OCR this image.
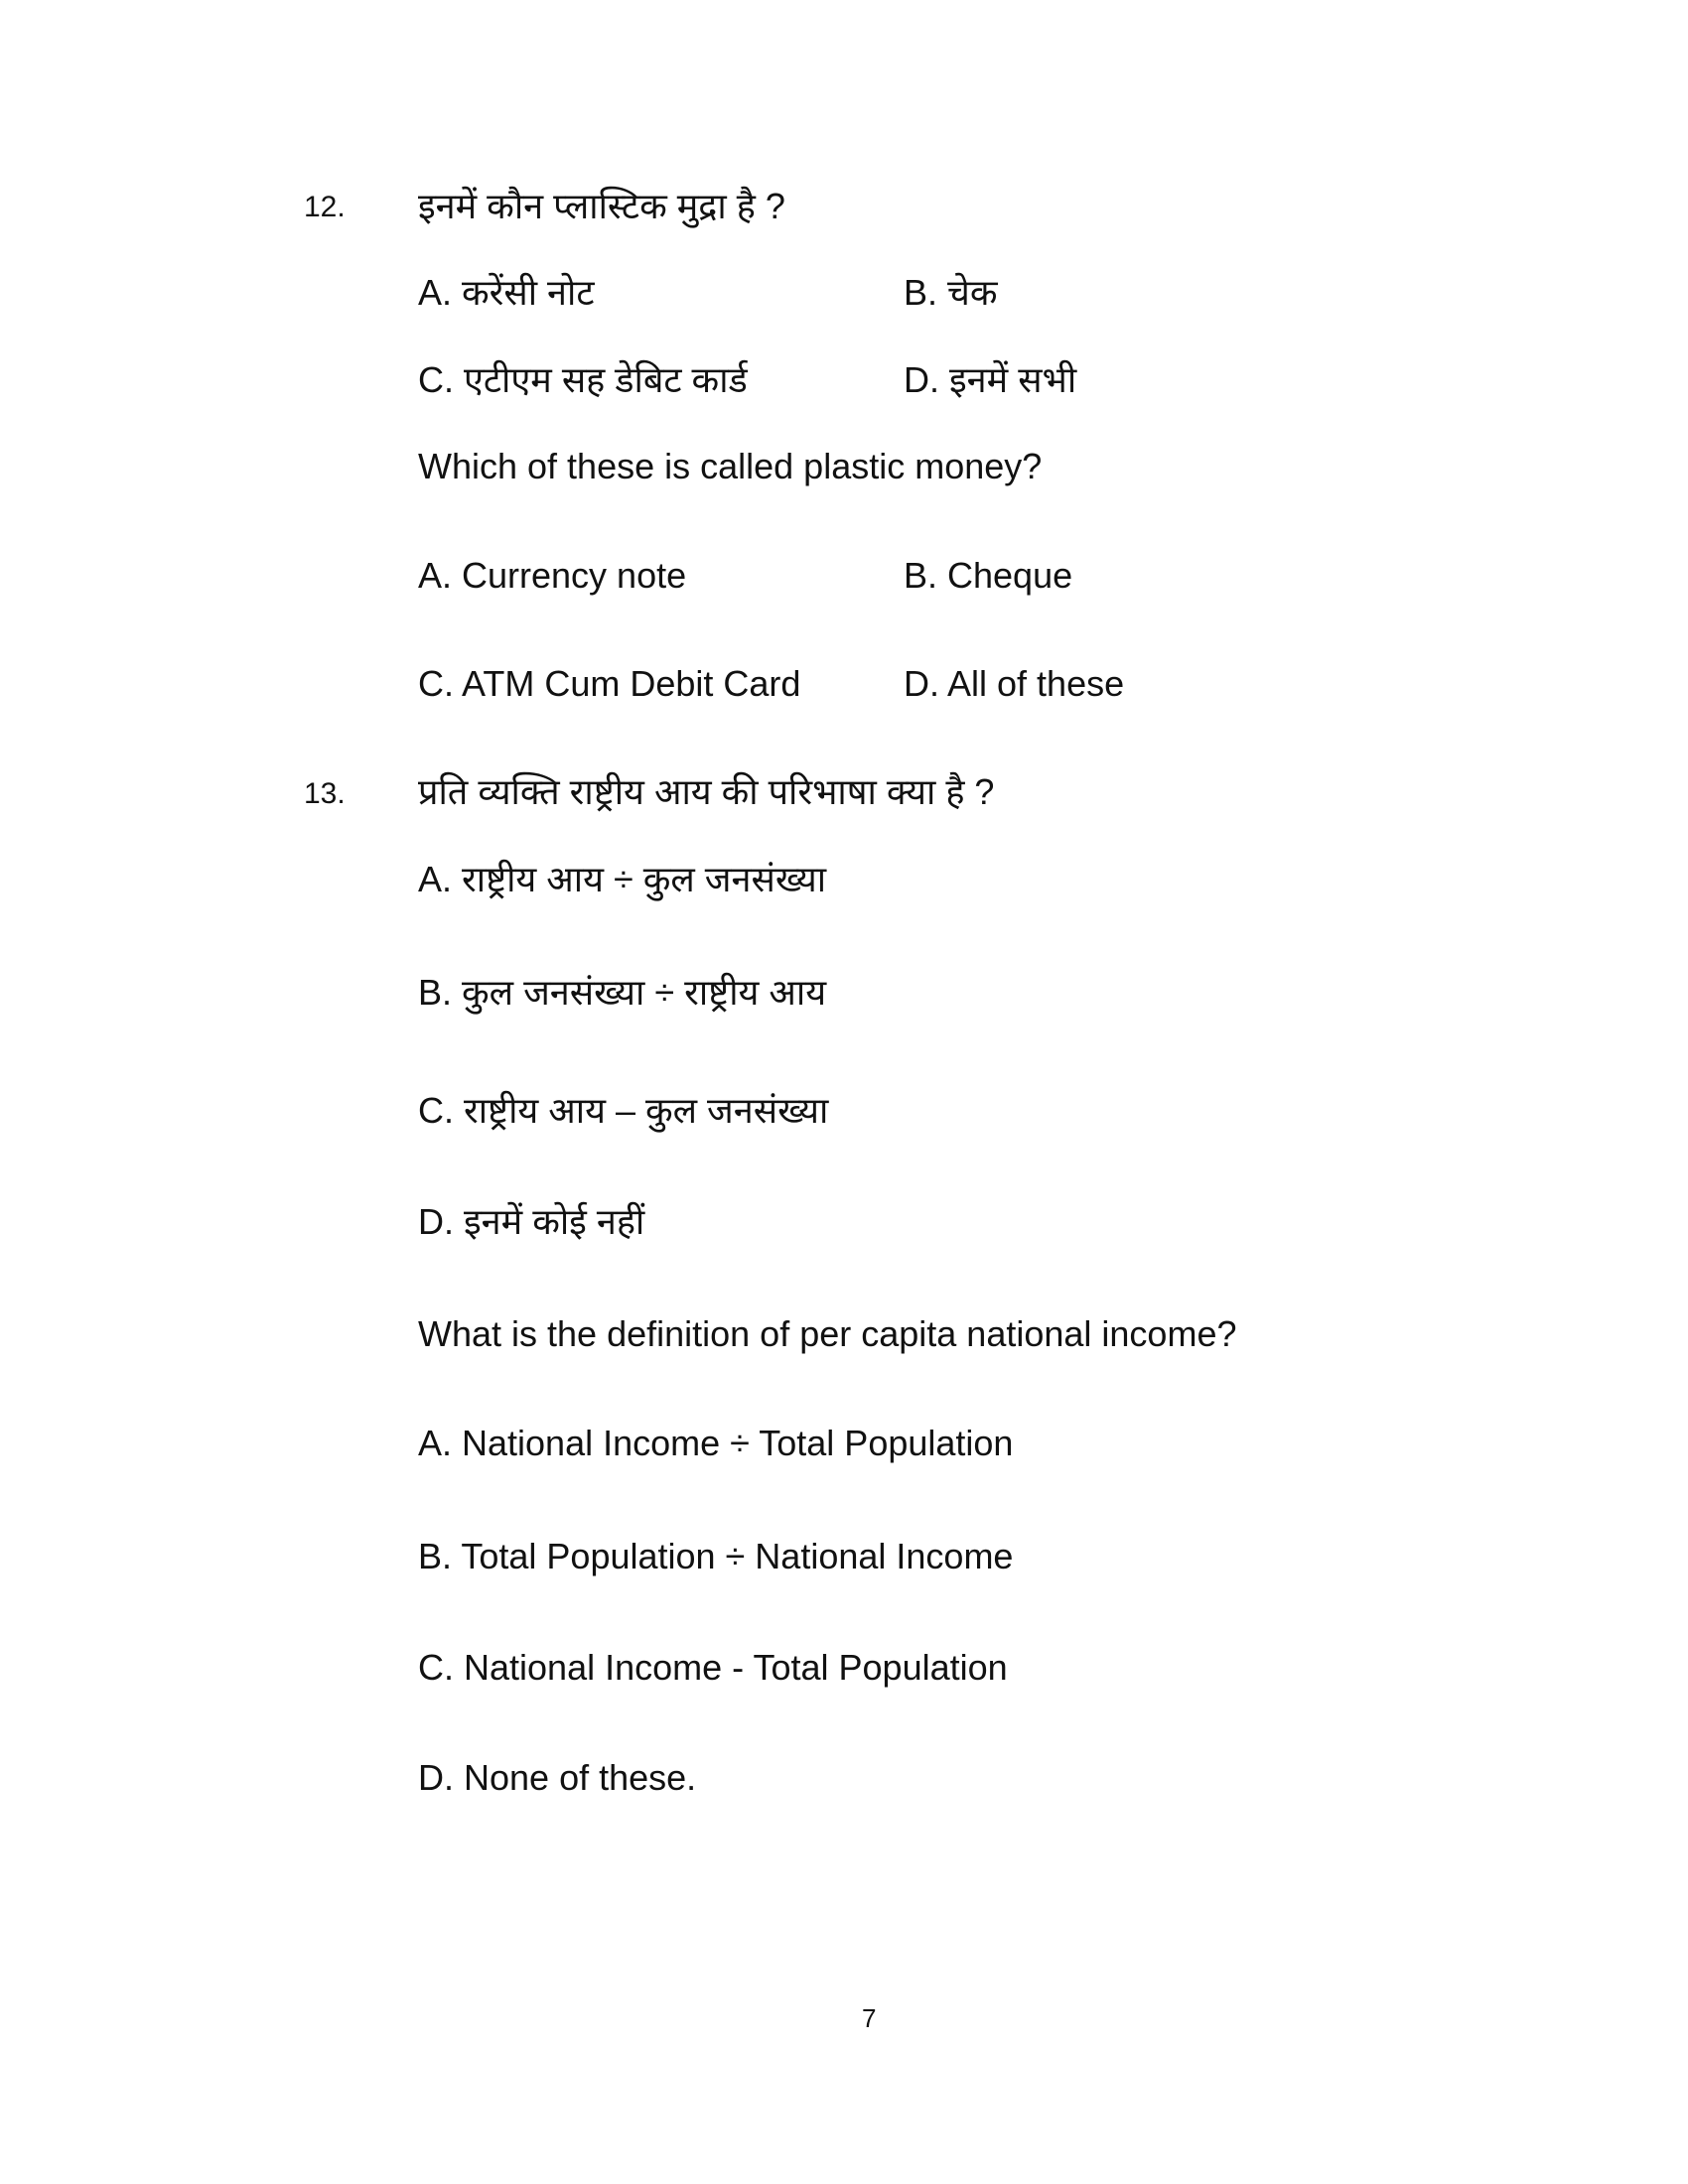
12. इनमें कौन प्लास्टिक मुद्रा है ?
A. करेंसी नोट	B. चेक
C. एटीएम सह डेबिट कार्ड	D. इनमें सभी
Which of these is called plastic money?
A. Currency note	B. Cheque
C. ATM Cum Debit Card	D. All of these
13. प्रति व्यक्ति राष्ट्रीय आय की परिभाषा क्या है ?
A. राष्ट्रीय आय ÷ कुल जनसंख्या
B. कुल जनसंख्या ÷ राष्ट्रीय आय
C. राष्ट्रीय आय – कुल जनसंख्या
D. इनमें कोई नहीं
What is the definition of per capita national income?
A. National Income ÷ Total Population
B. Total Population ÷ National Income
C. National Income - Total Population
D. None of these.
7
